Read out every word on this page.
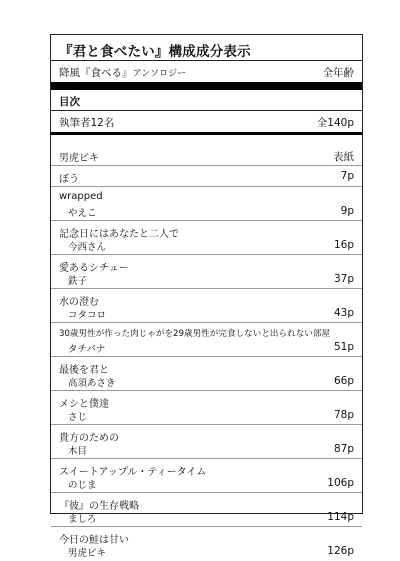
『君と食べたい』構成成分表示
降風『食べる』アンソロジー	全年齢
目次
執筆者12名	全140p
男虎ビキ	表紙
ぼう	7p
wrapped
やえこ	9p
記念日にはあなたと二人で
今西さん	16p
愛あるシチュー
鉄子	37p
水の澄む
コタコロ	43p
30歳男性が作った肉じゃがを29歳男性が完食しないと出られない部屋
タチバナ	51p
最後を君と
高須あさき	66p
メシと僕達
さじ	78p
貴方のための
木目	87p
スイートアップル・ティータイム
のじま	106p
『彼』の生存戦略
ましろ	114p
今日の鮭は甘い
男虎ビキ	126p
